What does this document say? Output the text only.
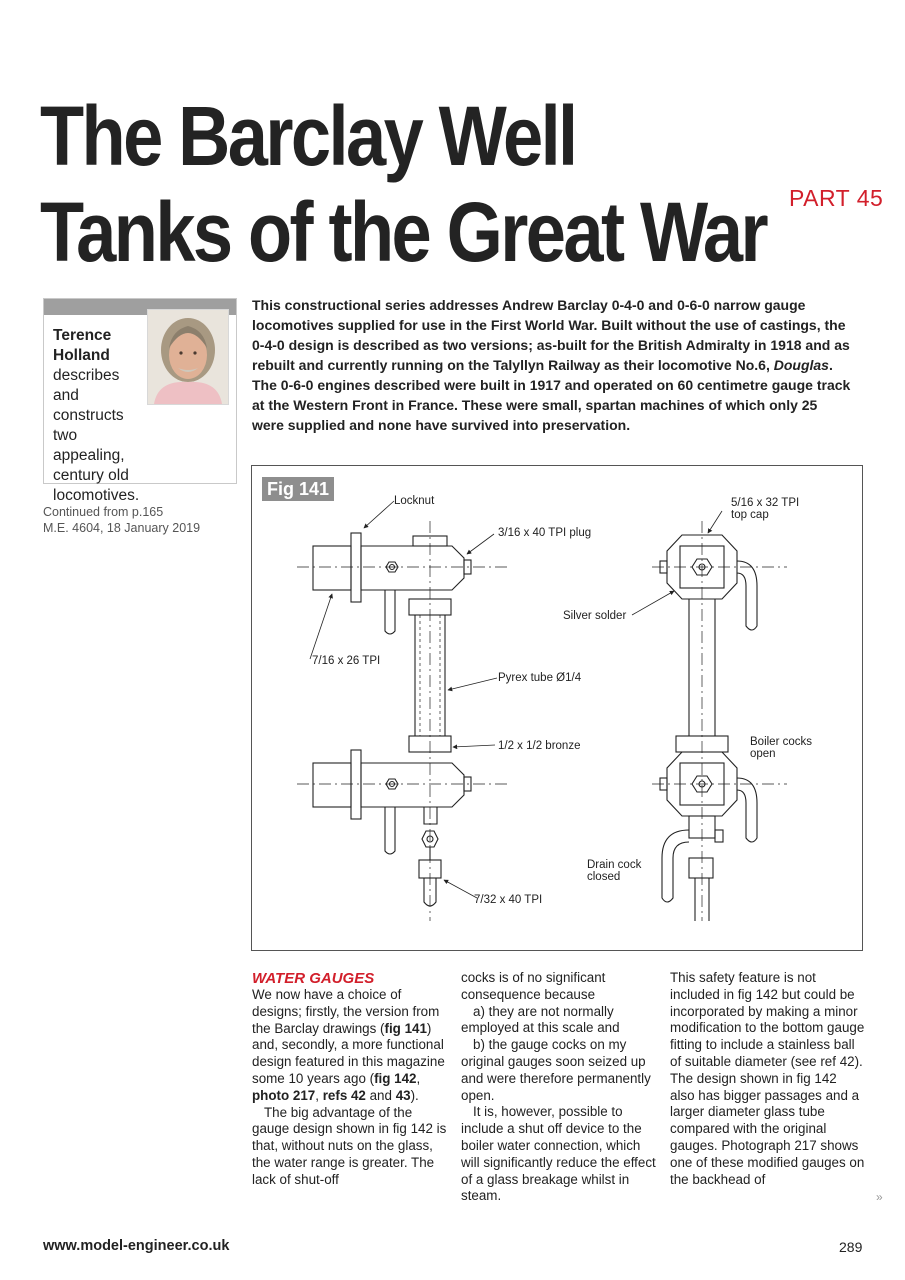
The Barclay Well
Tanks of the Great War PART 45
Terence
Holland
describes and constructs two appealing, century old locomotives.
Continued from p.165
M.E. 4604, 18 January 2019

This constructional series addresses Andrew Barclay 0-4-0 and 0-6-0 narrow gauge locomotives supplied for use in the First World War. Built without the use of castings, the 0-4-0 design is described as two versions; as-built for the British Admiralty in 1918 and as rebuilt and currently running on the Talyllyn Railway as their locomotive No.6, Douglas. The 0-6-0 engines described were built in 1917 and operated on 60 centimetre gauge track at the Western Front in France. These were small, spartan machines of which only 25 were supplied and none have survived into preservation.

Locknut
3/16 x 40 TPI plug
7/16 x 26 TPI
Pyrex tube Ø1/4
1/2 x 1/2 bronze
7/32 x 40 TPI
5/16 x 32 TPI
top cap
Silver solder
Boiler cocks
open
Drain cock
closed
Fig 141

WATER GAUGES

We now have a choice of designs; firstly, the version from the Barclay drawings (fig 141) and, secondly, a more functional design featured in this magazine some 10 years ago (fig 142, photo 217, refs 42 and 43).

The big advantage of the gauge design shown in fig 142 is that, without nuts on the glass, the water range is greater. The lack of shut-off

cocks is of no significant consequence because

a) they are not normally employed at this scale and

b) the gauge cocks on my original gauges soon seized up and were therefore permanently open.

It is, however, possible to include a shut off device to the boiler water connection, which will significantly reduce the effect of a glass breakage whilst in steam.

This safety feature is not included in fig 142 but could be incorporated by making a minor modification to the bottom gauge fitting to include a stainless ball of suitable diameter (see ref 42). The design shown in fig 142 also has bigger passages and a larger diameter glass tube compared with the original gauges. Photograph 217 shows one of these modified gauges on the backhead of

»
www.model-engineer.co.uk	289
